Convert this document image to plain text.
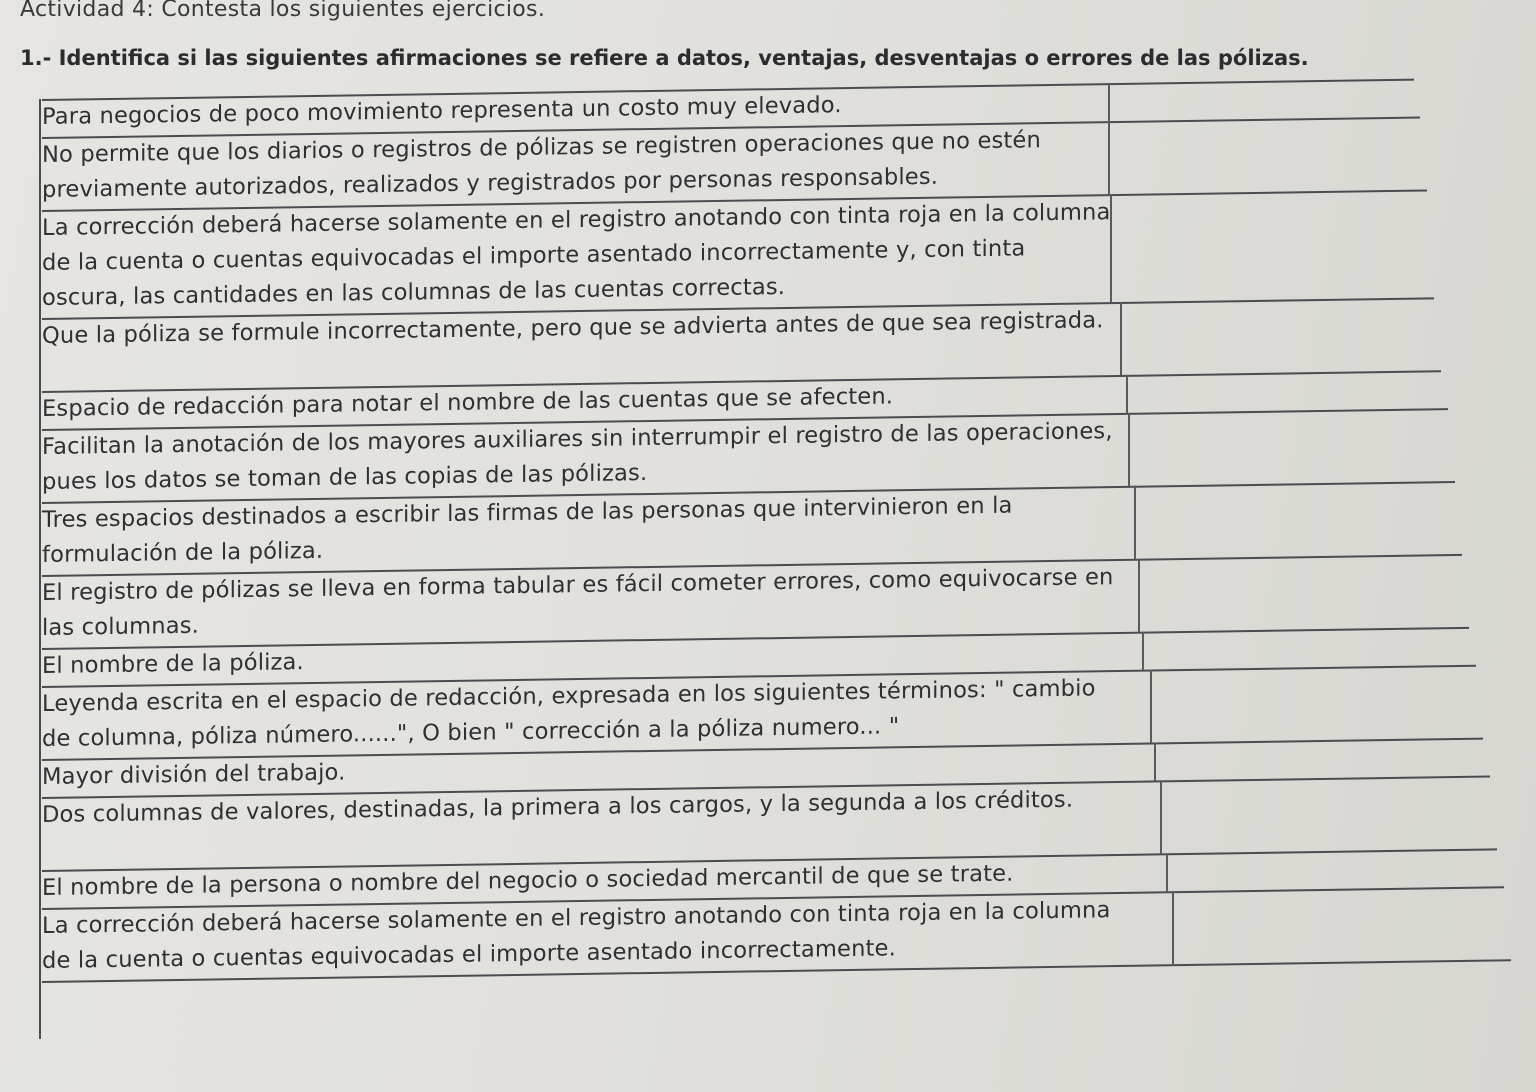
Actividad 4: Contesta los siguientes ejercicios.
1.- Identifica si las siguientes afirmaciones se refiere a datos, ventajas, desventajas o errores de las pólizas.
Para negocios de poco movimiento representa un costo muy elevado.
No permite que los diarios o registros de pólizas se registren operaciones que no estén previamente autorizados, realizados y registrados por personas responsables.
La corrección deberá hacerse solamente en el registro anotando con tinta roja en la columna de la cuenta o cuentas equivocadas el importe asentado incorrectamente y, con tinta oscura, las cantidades en las columnas de las cuentas correctas.
Que la póliza se formule incorrectamente, pero que se advierta antes de que sea registrada.
Espacio de redacción para notar el nombre de las cuentas que se afecten.
Facilitan la anotación de los mayores auxiliares sin interrumpir el registro de las operaciones, pues los datos se toman de las copias de las pólizas.
Tres espacios destinados a escribir las firmas de las personas que intervinieron en la formulación de la póliza.
El registro de pólizas se lleva en forma tabular es fácil cometer errores, como equivocarse en las columnas.
El nombre de la póliza.
Leyenda escrita en el espacio de redacción, expresada en los siguientes términos: " cambio de columna, póliza número......", O bien " corrección a la póliza numero... "
Mayor división del trabajo.
Dos columnas de valores, destinadas, la primera a los cargos, y la segunda a los créditos.
El nombre de la persona o nombre del negocio o sociedad mercantil de que se trate.
La corrección deberá hacerse solamente en el registro anotando con tinta roja en la columna de la cuenta o cuentas equivocadas el importe asentado incorrectamente.
